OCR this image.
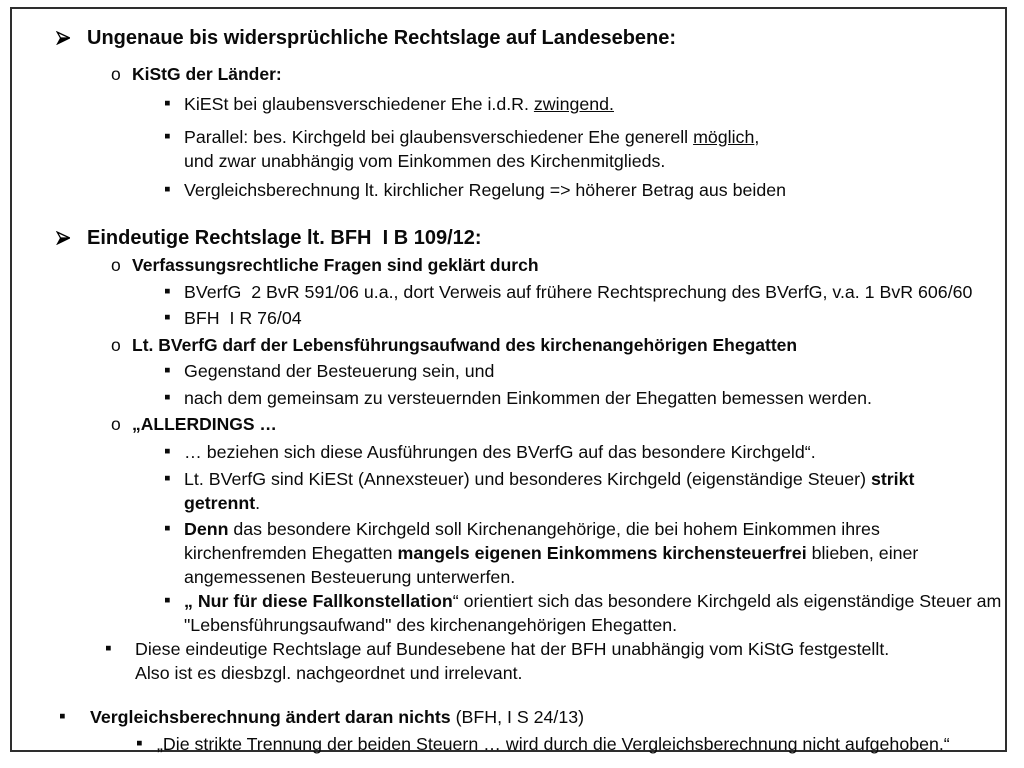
Ungenaue bis widersprüchliche Rechtslage auf Landesebene:
o KiStG der Länder:
▪ KiESt bei glaubensverschiedener Ehe i.d.R. zwingend.
▪ Parallel: bes. Kirchgeld bei glaubensverschiedener Ehe generell möglich,
und zwar unabhängig vom Einkommen des Kirchenmitglieds.
▪ Vergleichsberechnung lt. kirchlicher Regelung => höherer Betrag aus beiden
Eindeutige Rechtslage lt. BFH  I B 109/12:
o Verfassungsrechtliche Fragen sind geklärt durch
▪ BVerfG  2 BvR 591/06 u.a., dort Verweis auf frühere Rechtsprechung des BVerfG, v.a. 1 BvR 606/60
▪ BFH  I R 76/04
o Lt. BVerfG darf der Lebensführungsaufwand des kirchenangehörigen Ehegatten
▪ Gegenstand der Besteuerung sein, und
▪ nach dem gemeinsam zu versteuernden Einkommen der Ehegatten bemessen werden.
o „ALLERDINGS …
▪ … beziehen sich diese Ausführungen des BVerfG auf das besondere Kirchgeld“.
▪ Lt. BVerfG sind KiESt (Annexsteuer) und besonderes Kirchgeld (eigenständige Steuer) strikt
getrennt.
▪ Denn das besondere Kirchgeld soll Kirchenangehörige, die bei hohem Einkommen ihres
kirchenfremden Ehegatten mangels eigenen Einkommens kirchensteuerfrei blieben, einer
angemessenen Besteuerung unterwerfen.
▪ „ Nur für diese Fallkonstellation“ orientiert sich das besondere Kirchgeld als eigenständige Steuer am
"Lebensführungsaufwand" des kirchenangehörigen Ehegatten.
▪ Diese eindeutige Rechtslage auf Bundesebene hat der BFH unabhängig vom KiStG festgestellt.
Also ist es diesbzgl. nachgeordnet und irrelevant.
▪ Vergleichsberechnung ändert daran nichts (BFH, I S 24/13)
▪ „Die strikte Trennung der beiden Steuern … wird durch die Vergleichsberechnung nicht aufgehoben.“
